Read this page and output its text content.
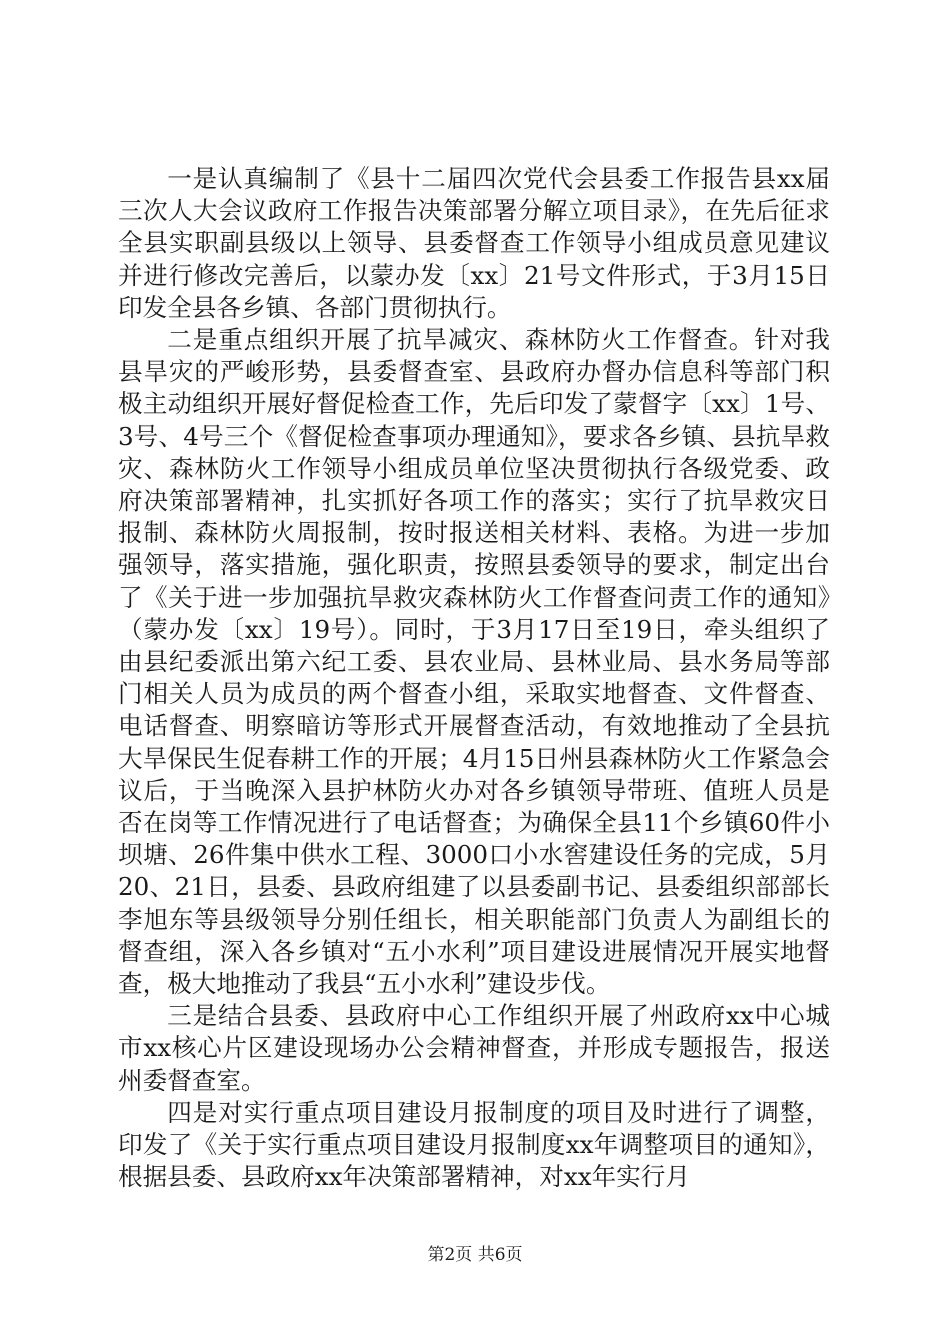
一是认真编制了《县十二届四次党代会县委工作报告县xx届三次人大会议政府工作报告决策部署分解立项目录》，在先后征求全县实职副县级以上领导、县委督查工作领导小组成员意见建议并进行修改完善后，以蒙办发〔xx〕21号文件形式，于3月15日印发全县各乡镇、各部门贯彻执行。

二是重点组织开展了抗旱减灾、森林防火工作督查。针对我县旱灾的严峻形势，县委督查室、县政府办督办信息科等部门积极主动组织开展好督促检查工作，先后印发了蒙督字〔xx〕1号、3号、4号三个《督促检查事项办理通知》，要求各乡镇、县抗旱救灾、森林防火工作领导小组成员单位坚决贯彻执行各级党委、政府决策部署精神，扎实抓好各项工作的落实；实行了抗旱救灾日报制、森林防火周报制，按时报送相关材料、表格。为进一步加强领导，落实措施，强化职责，按照县委领导的要求，制定出台了《关于进一步加强抗旱救灾森林防火工作督查问责工作的通知》（蒙办发〔xx〕19号）。同时，于3月17日至19日，牵头组织了由县纪委派出第六纪工委、县农业局、县林业局、县水务局等部门相关人员为成员的两个督查小组，采取实地督查、文件督查、电话督查、明察暗访等形式开展督查活动，有效地推动了全县抗大旱保民生促春耕工作的开展；4月15日州县森林防火工作紧急会议后，于当晚深入县护林防火办对各乡镇领导带班、值班人员是否在岗等工作情况进行了电话督查；为确保全县11个乡镇60件小坝塘、26件集中供水工程、3000口小水窖建设任务的完成，5月20、21日，县委、县政府组建了以县委副书记、县委组织部部长李旭东等县级领导分别任组长，相关职能部门负责人为副组长的督查组，深入各乡镇对“五小水利”项目建设进展情况开展实地督查，极大地推动了我县“五小水利”建设步伐。

三是结合县委、县政府中心工作组织开展了州政府xx中心城市xx核心片区建设现场办公会精神督查，并形成专题报告，报送州委督查室。

四是对实行重点项目建设月报制度的项目及时进行了调整，印发了《关于实行重点项目建设月报制度xx年调整项目的通知》，根据县委、县政府xx年决策部署精神，对xx年实行月

第2页 共6页
